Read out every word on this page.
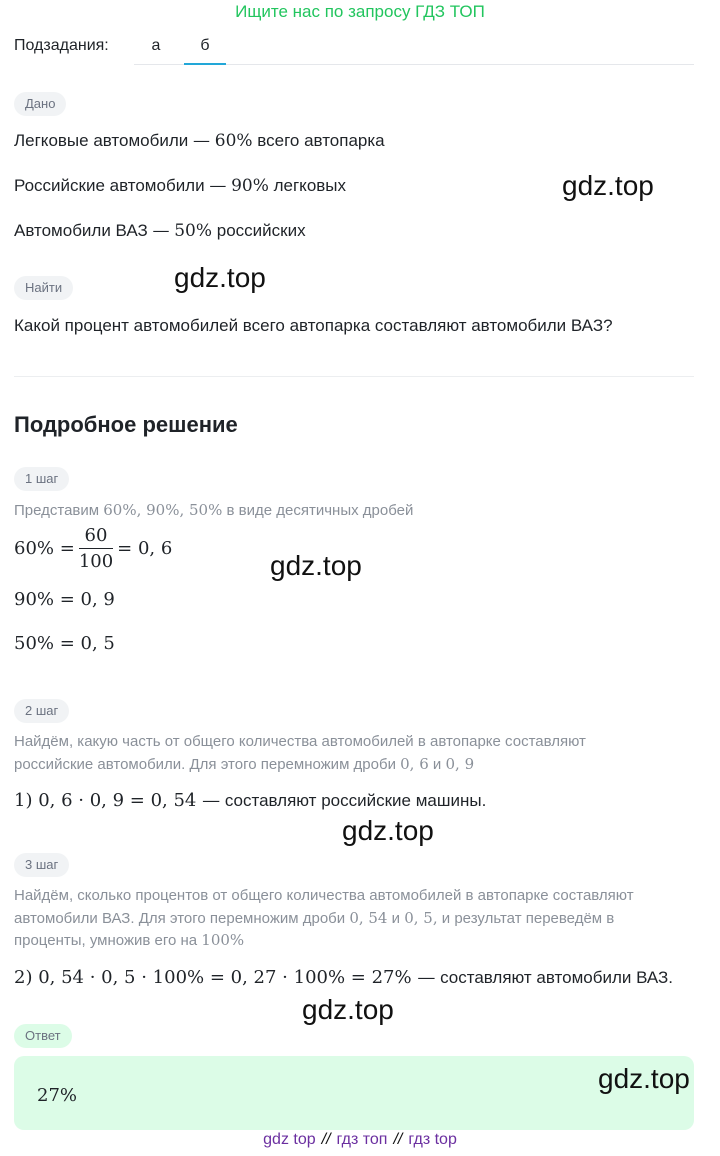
Ищите нас по запросу ГДЗ ТОП
Подзадания:	а	б
Дано
Легковые автомобили — 60% всего автопарка
Российские автомобили — 90% легковых
Автомобили ВАЗ — 50% российских
Найти
Какой процент автомобилей всего автопарка составляют автомобили ВАЗ?
Подробное решение
1 шаг
Представим 60%, 90%, 50% в виде десятичных дробей
$60\% = \frac{60}{100} = 0$, 6
90% = 0, 9
50% = 0, 5
2 шаг
Найдём, какую часть от общего количества автомобилей в автопарке составляют
российские автомобили. Для этого перемножим дроби 0, 6 и 0, 9
1) 0, 6 · 0, 9 = 0, 54 — составляют российские машины.
3 шаг
Найдём, сколько процентов от общего количества автомобилей в автопарке составляют
автомобили ВАЗ. Для этого перемножим дроби 0, 54 и 0, 5, и результат переведём в
проценты, умножив его на 100%
2) 0, 54 · 0, 5 · 100% = 0, 27 · 100% = 27% — составляют автомобили ВАЗ.
Ответ
27%
gdz.top
gdz.top
gdz.top
gdz.top
gdz.top
gdz.top
gdz top // гдз топ // гдз top
